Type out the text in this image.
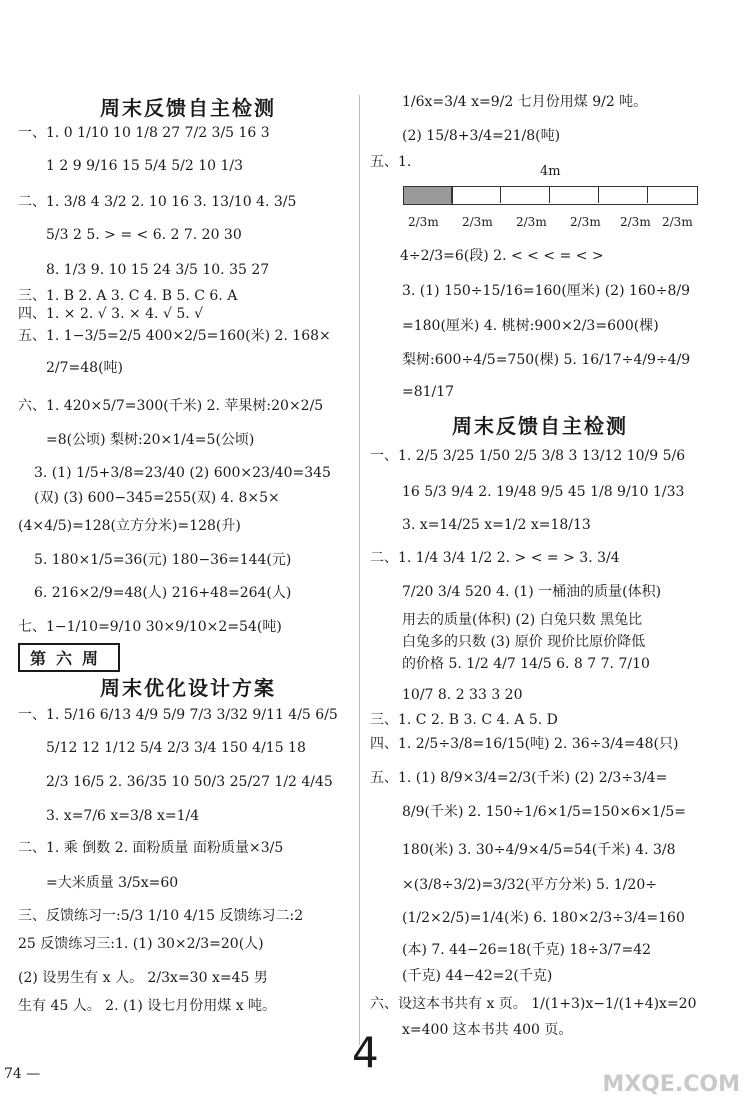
周末反馈自主检测
一、1. 0 1/10 10 1/8 27 7/2 3/5 16 3
1 2 9 9/16 15 5/4 5/2 10 1/3
二、1. 3/8 4 3/2 2. 10 16 3. 13/10 4. 3/5
5/3 2 5. > = < 6. 2 7. 20 30
8. 1/3 9. 10 15 24 3/5 10. 35 27
三、1. B 2. A 3. C 4. B 5. C 6. A
四、1. × 2. √ 3. × 4. √ 5. √
五、1. 1−3/5=2/5 400×2/5=160(米) 2. 168×
2/7=48(吨)
六、1. 420×5/7=300(千米) 2. 苹果树:20×2/5
=8(公顷) 梨树:20×1/4=5(公顷)
3. (1) 1/5+3/8=23/40 (2) 600×23/40=345
(双) (3) 600−345=255(双) 4. 8×5×
(4×4/5)=128(立方分米)=128(升)
5. 180×1/5=36(元) 180−36=144(元)
6. 216×2/9=48(人) 216+48=264(人)
七、1−1/10=9/10 30×9/10×2=54(吨)
第六周
周末优化设计方案
一、1. 5/16 6/13 4/9 5/9 7/3 3/32 9/11 4/5 6/5
5/12 12 1/12 5/4 2/3 3/4 150 4/15 18
2/3 16/5 2. 36/35 10 50/3 25/27 1/2 4/45
3. x=7/6 x=3/8 x=1/4
二、1. 乘 倒数 2. 面粉质量 面粉质量×3/5
=大米质量 3/5x=60
三、反馈练习一:5/3 1/10 4/15 反馈练习二:2
25 反馈练习三:1. (1) 30×2/3=20(人)
(2) 设男生有 x 人。 2/3x=30 x=45 男
生有 45 人。 2. (1) 设七月份用煤 x 吨。
1/6x=3/4 x=9/2 七月份用煤 9/2 吨。
(2) 15/8+3/4=21/8(吨)
五、1.
4m
2/3m 2/3m 2/3m 2/3m 2/3m 2/3m
4÷2/3=6(段) 2. < < < = < >
3. (1) 150÷15/16=160(厘米) (2) 160÷8/9
=180(厘米) 4. 桃树:900×2/3=600(棵)
梨树:600÷4/5=750(棵) 5. 16/17÷4/9÷4/9
=81/17
周末反馈自主检测
一、1. 2/5 3/25 1/50 2/5 3/8 3 13/12 10/9 5/6
16 5/3 9/4 2. 19/48 9/5 45 1/8 9/10 1/33
3. x=14/25 x=1/2 x=18/13
二、1. 1/4 3/4 1/2 2. > < = > 3. 3/4
7/20 3/4 520 4. (1) 一桶油的质量(体积)
用去的质量(体积) (2) 白兔只数 黑兔比
白兔多的只数 (3) 原价 现价比原价降低
的价格 5. 1/2 4/7 14/5 6. 8 7 7. 7/10
10/7 8. 2 33 3 20
三、1. C 2. B 3. C 4. A 5. D
四、1. 2/5÷3/8=16/15(吨) 2. 36÷3/4=48(只)
五、1. (1) 8/9×3/4=2/3(千米) (2) 2/3÷3/4=
8/9(千米) 2. 150÷1/6×1/5=150×6×1/5=
180(米) 3. 30÷4/9×4/5=54(千米) 4. 3/8
×(3/8÷3/2)=3/32(平方分米) 5. 1/20÷
(1/2×2/5)=1/4(米) 6. 180×2/3÷3/4=160
(本) 7. 44−26=18(千克) 18÷3/7=42
(千克) 44−42=2(千克)
六、设这本书共有 x 页。 1/(1+3)x−1/(1+4)x=20
x=400 这本书共 400 页。
74 —	4
MXQE.COM
